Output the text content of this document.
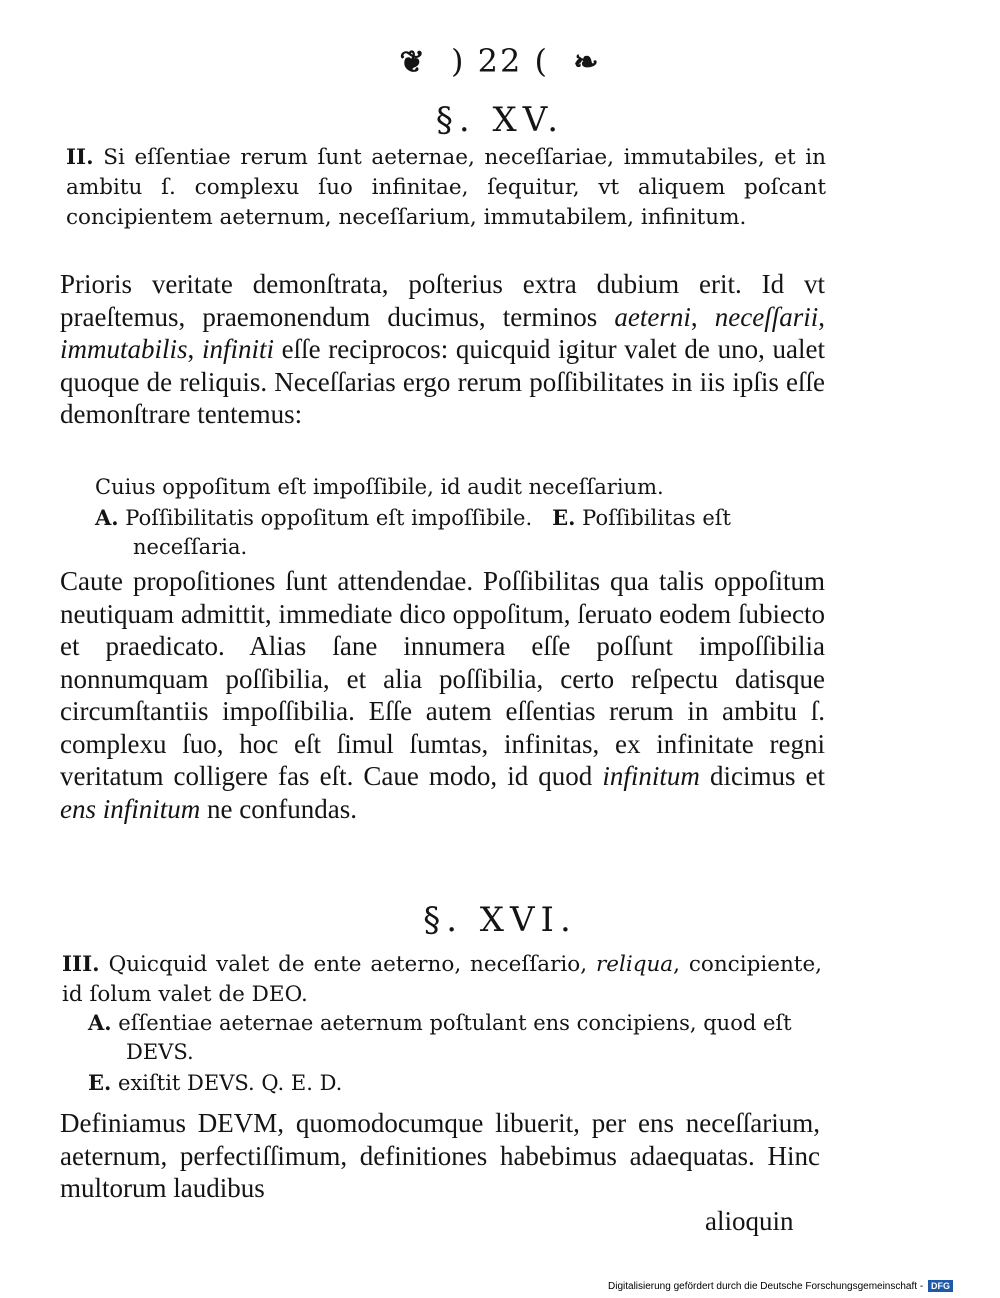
❦ ) 22 ( ❧
§. XV.
II. Si eſſentiae rerum ſunt aeternae, neceſſariae, immutabiles, et in ambitu ſ. complexu ſuo infinitae, ſequitur, vt aliquem poſcant concipientem aeternum, neceſſarium, immutabilem, infinitum.
Prioris veritate demonſtrata, poſterius extra dubium erit. Id vt praeſtemus, praemonendum ducimus, terminos aeterni, neceſſarii, immutabilis, infiniti eſſe reciprocos: quicquid igitur valet de uno, ualet quoque de reliquis. Neceſſarias ergo rerum poſſibilitates in iis ipſis eſſe demonſtrare tentemus:
Cuius oppoſitum eſt impoſſibile, id audit neceſſarium.
A. Poſſibilitatis oppoſitum eſt impoſſibile. E. Poſſibilitas eſt neceſſaria.
Caute propoſitiones ſunt attendendae. Poſſibilitas qua talis oppoſitum neutiquam admittit, immediate dico oppoſitum, ſeruato eodem ſubiecto et praedicato. Alias ſane innumera eſſe poſſunt impoſſibilia nonnumquam poſſibilia, et alia poſſibilia, certo reſpectu datisque circumſtantiis impoſſibilia. Eſſe autem eſſentias rerum in ambitu ſ. complexu ſuo, hoc eſt ſimul ſumtas, infinitas, ex infinitate regni veritatum colligere fas eſt. Caue modo, id quod infinitum dicimus et ens infinitum ne confundas.
§. XVI.
III. Quicquid valet de ente aeterno, neceſſario, reliqua, concipiente, id ſolum valet de DEO.
A. eſſentiae aeternae aeternum poſtulant ens concipiens, quod eſt DEVS.
E. exiſtit DEVS. Q. E. D.
Definiamus DEVM, quomodocumque libuerit, per ens neceſſarium, aeternum, perfectiſſimum, definitiones habebimus adaequatas. Hinc multorum laudibus
alioquin
Digitalisierung gefördert durch die Deutsche Forschungsgemeinschaft - DFG
